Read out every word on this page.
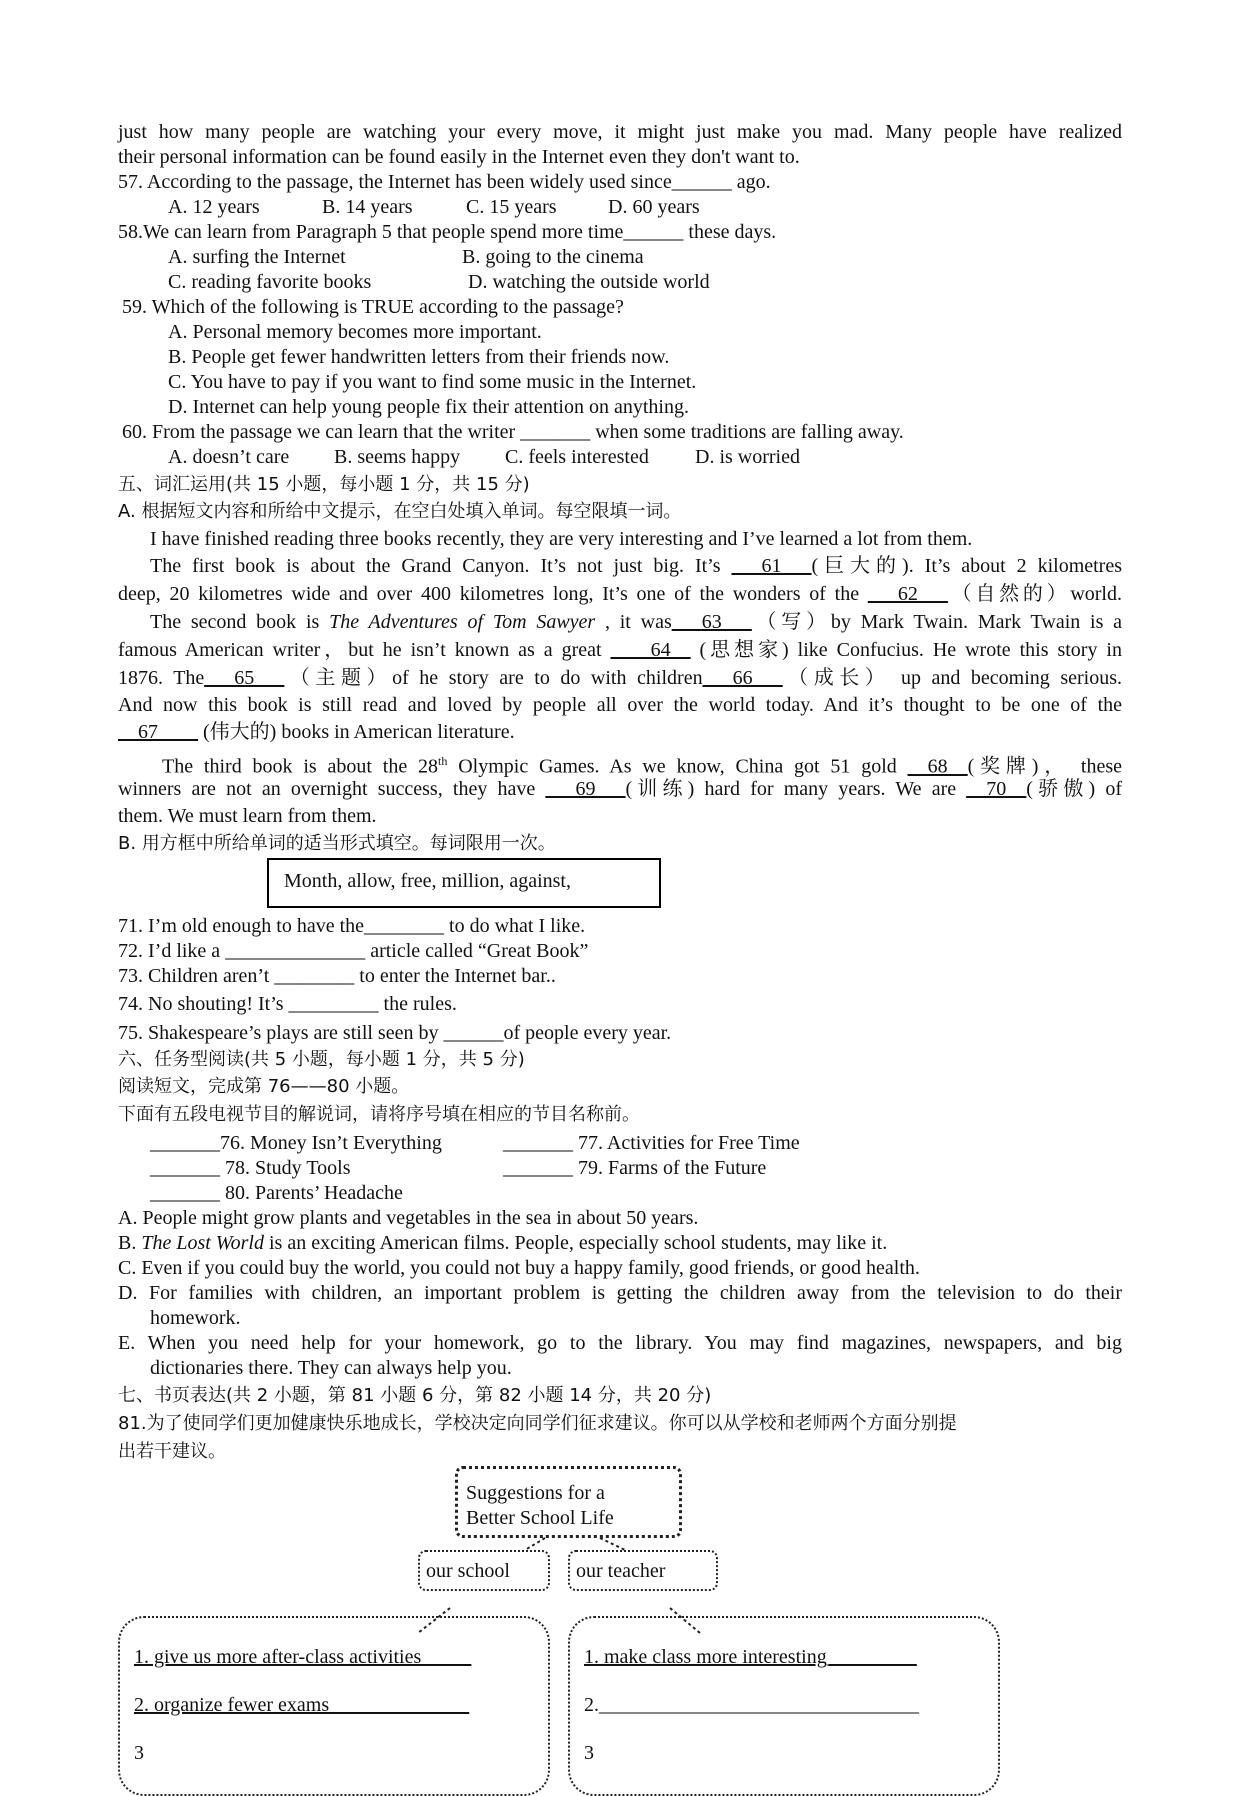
just how many people are watching your every move, it might just make you mad. Many people have realized
their personal information can be found easily in the Internet even they don't want to.
57. According to the passage, the Internet has been widely used since______ ago.
A. 12 years	B. 14 years	C. 15 years	D. 60 years
58.We can learn from Paragraph 5 that people spend more time______ these days.
A. surfing the Internet	B. going to the cinema
C. reading favorite books	D. watching the outside world
59. Which of the following is TRUE according to the passage?
A. Personal memory becomes more important.
B. People get fewer handwritten letters from their friends now.
C. You have to pay if you want to find some music in the Internet.
D. Internet can help young people fix their attention on anything.
60. From the passage we can learn that the writer _______ when some traditions are falling away.
A. doesn’t care B. seems happy C. feels interested D. is worried
五、词汇运用(共 15 小题，每小题 1 分，共 15 分)
A. 根据短文内容和所给中文提示，在空白处填入单词。每空限填一词。
I have finished reading three books recently, they are very interesting and I’ve learned a lot from them.
The first book is about the Grand Canyon. It’s not just big. It’s ___61___(巨大的). It’s about 2 kilometres
deep, 20 kilometres wide and over 400 kilometres long, It’s one of the wonders of the ___62___（自然的）world.
The second book is The Adventures of Tom Sawyer , it was___63___（写）by Mark Twain. Mark Twain is a
famous American writer，but he isn’t known as a great ____64__ (思想家) like Confucius. He wrote this story in
1876. The___65___（主题）of he story are to do with children___66___（成长） up and becoming serious.
And now this book is still read and loved by people all over the world today. And it’s thought to be one of the
__67____ (伟大的) books in American literature.
The third book is about the 28th Olympic Games. As we know, China got 51 gold __68__(奖牌)， these
winners are not an overnight success, they have ___69___(训练) hard for many years. We are __70__(骄傲) of
them. We must learn from them.
B. 用方框中所给单词的适当形式填空。每词限用一次。
Month, allow, free, million, against,
71. I’m old enough to have the________ to do what I like.
72. I’d like a ______________ article called “Great Book”
73. Children aren’t ________ to enter the Internet bar..
74. No shouting! It’s _________ the rules.
75. Shakespeare’s plays are still seen by ______of people every year.
六、任务型阅读(共 5 小题，每小题 1 分，共 5 分)
阅读短文，完成第 76——80 小题。
下面有五段电视节目的解说词，请将序号填在相应的节目名称前。
_______76. Money Isn’t Everything	_______ 77. Activities for Free Time
_______ 78. Study Tools	_______ 79. Farms of the Future
_______ 80. Parents’ Headache
A. People might grow plants and vegetables in the sea in about 50 years.
B. The Lost World is an exciting American films. People, especially school students, may like it.
C. Even if you could buy the world, you could not buy a happy family, good friends, or good health.
D. For families with children, an important problem is getting the children away from the television to do their
homework.
E. When you need help for your homework, go to the library. You may find magazines, newspapers, and big
dictionaries there. They can always help you.
七、书页表达(共 2 小题，第 81 小题 6 分，第 82 小题 14 分，共 20 分)
81.为了使同学们更加健康快乐地成长，学校决定向同学们征求建议。你可以从学校和老师两个方面分别提
出若干建议。
Suggestions for a
Better School Life
our school	our teacher
1. give us more after-class activities_____
2. organize fewer exams______________
3
1. make class more interesting_________
2.________________________________
3
